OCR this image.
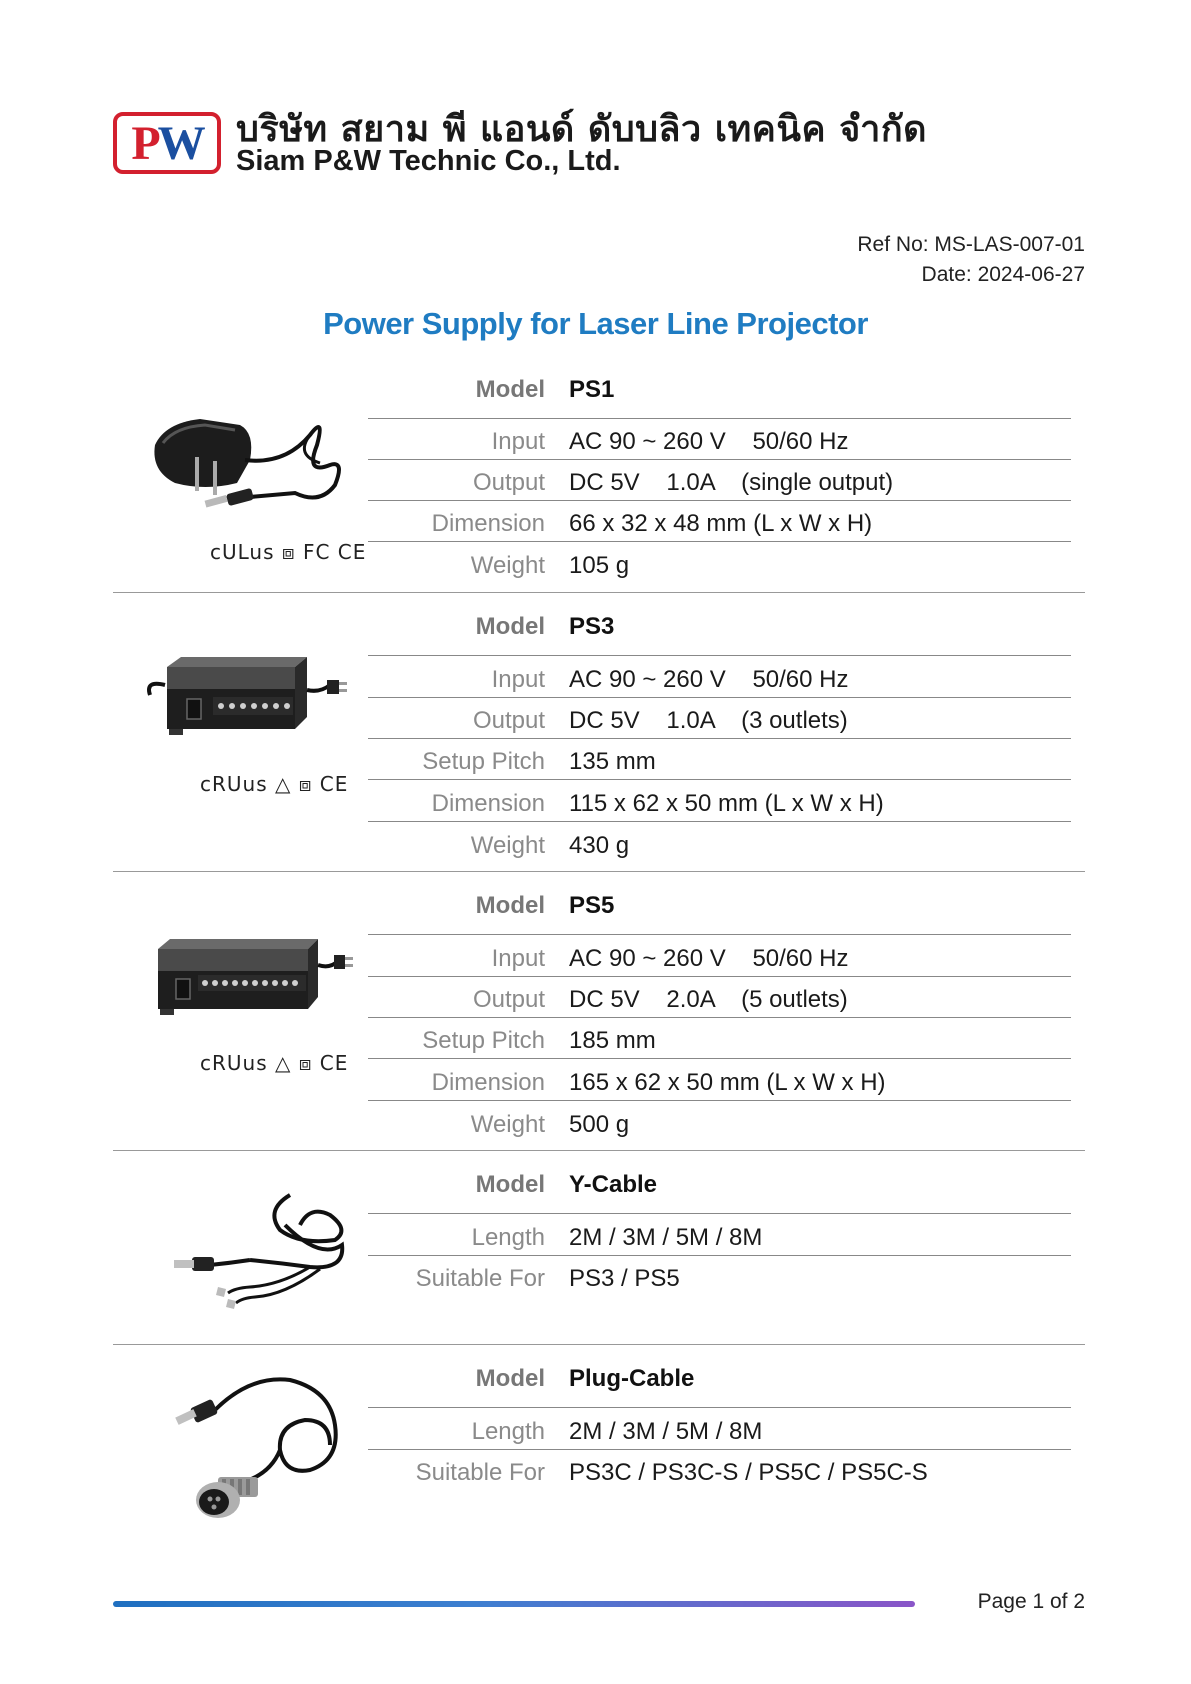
PW บริษัท สยาม พี แอนด์ ดับบลิว เทคนิค จำกัด
Siam P&W Technic Co., Ltd.
Ref No: MS-LAS-007-01
Date: 2024-06-27
Power Supply for Laser Line Projector
cULus ⧈ FC CE
Model PS1
Input AC 90 ~ 260 V    50/60 Hz
Output DC 5V    1.0A    (single output)
Dimension 66 x 32 x 48 mm (L x W x H)
Weight 105 g
cRUus △ ⧈ CE
Model PS3
Input AC 90 ~ 260 V    50/60 Hz
Output DC 5V    1.0A    (3 outlets)
Setup Pitch 135 mm
Dimension 115 x 62 x 50 mm (L x W x H)
Weight 430 g
cRUus △ ⧈ CE
Model PS5
Input AC 90 ~ 260 V    50/60 Hz
Output DC 5V    2.0A    (5 outlets)
Setup Pitch 185 mm
Dimension 165 x 62 x 50 mm (L x W x H)
Weight 500 g
Model Y-Cable
Length 2M / 3M / 5M / 8M
Suitable For PS3 / PS5
Model Plug-Cable
Length 2M / 3M / 5M / 8M
Suitable For PS3C / PS3C-S / PS5C / PS5C-S
Page 1 of 2
